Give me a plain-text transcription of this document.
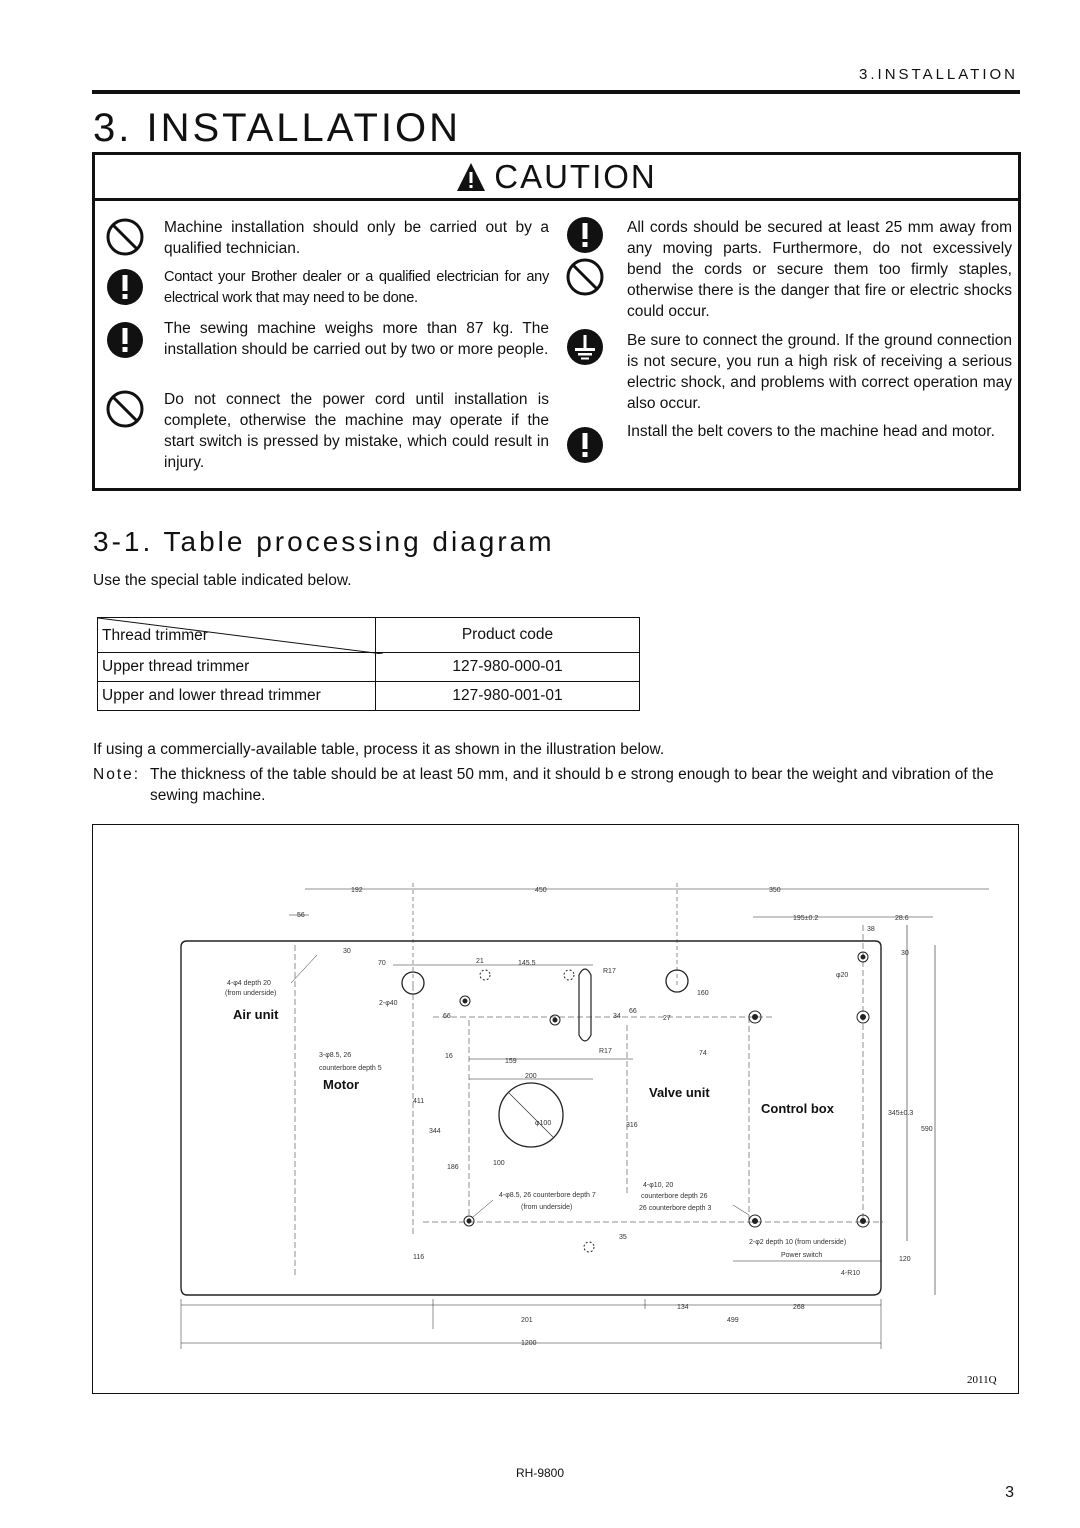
3.INSTALLATION
3. INSTALLATION
CAUTION
Machine installation should only be carried out by a qualified technician.
Contact your Brother dealer or a qualified electrician for any electrical work that may need to be done.
The sewing machine weighs more than 87 kg. The installation should be carried out by two or more people.
Do not connect the power cord until installation is complete, otherwise the machine may operate if the start switch is pressed by mistake, which could result in injury.
All cords should be secured at least 25 mm away from any moving parts. Furthermore, do not excessively bend the cords or secure them too firmly staples, otherwise there is the danger that fire or electric shocks could occur.
Be sure to connect the ground. If the ground connection is not secure, you run a high risk of receiving a serious electric shock, and problems with correct operation may also occur.
Install the belt covers to the machine head and motor.
3-1. Table processing diagram
Use the special table indicated below.
Thread trimmer	Product code
Upper thread trimmer	127-980-000-01
Upper and lower thread trimmer	127-980-001-01
If using a commercially-available table, process it as shown in the illustration below.
Note: The thickness of the table should be at least 50 mm, and it should b e strong enough to bear the weight and vibration of the sewing machine.
192	450	350
56	195±0.2	28.6
38
30	30
70	21	145.5
160
66	34	27
16
159
66
74
200
411
344
316
186
100
345±0.3
590
35
116	120
134	268
201	499
1200
4-φ4 depth 20
(from underside)
2-φ40
3-φ8.5, 26
counterbore depth 5
4-φ8.5, 26 counterbore depth 7
(from underside)
4-φ10, 20
counterbore depth 26
26 counterbore depth 3
2-φ2 depth 10 (from underside)
Power switch
4-R10
φ100
φ20
R17
R17
Air unit
Motor
Valve unit
Control box
2011Q
RH-9800
3
